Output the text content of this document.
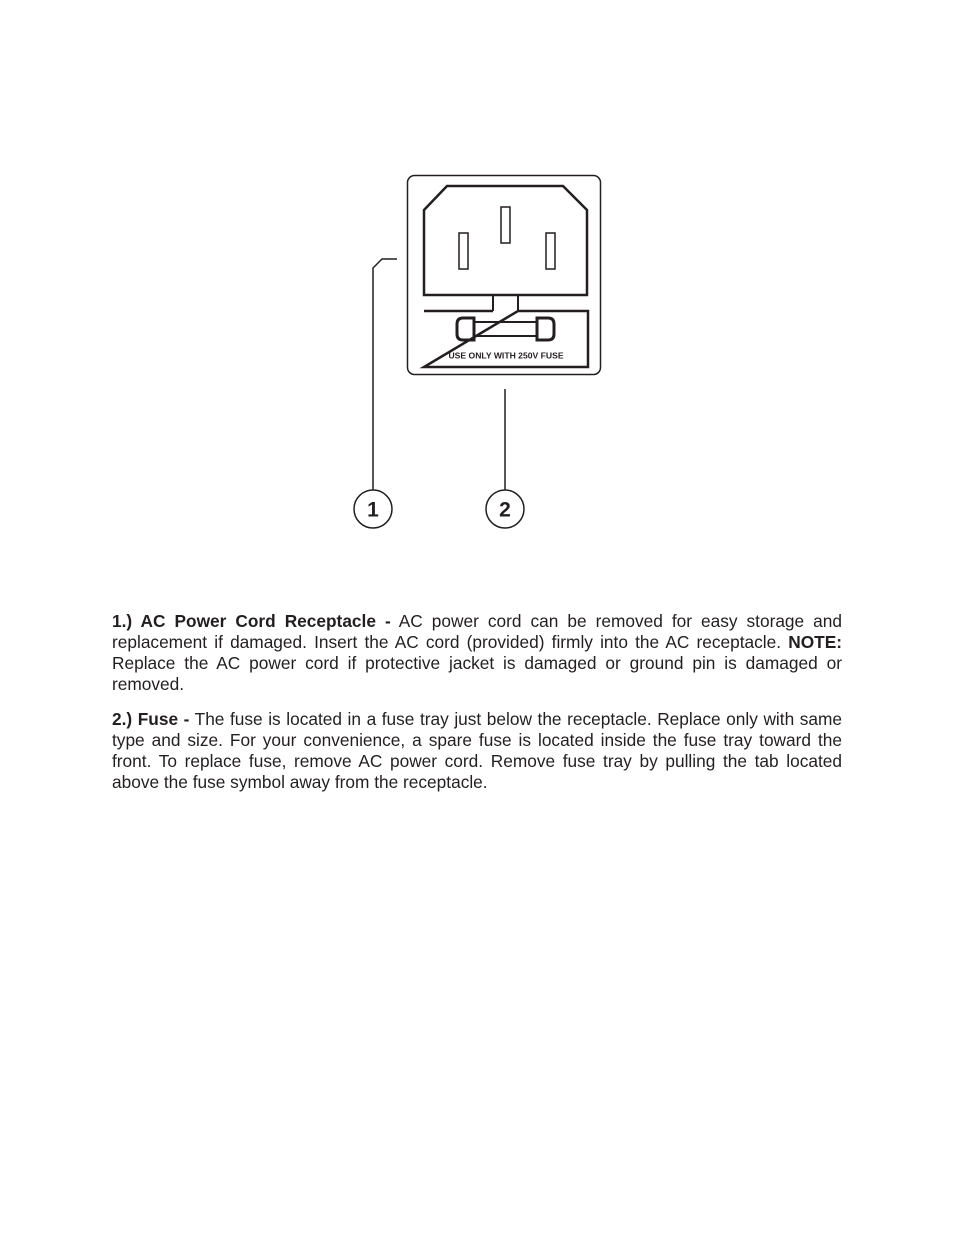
USE ONLY WITH 250V FUSE
1	2

1.) AC Power Cord Receptacle - AC power cord can be removed for easy storage and replacement if damaged. Insert the AC cord (provided) firmly into the AC receptacle. NOTE: Replace the AC power cord if protective jacket is damaged or ground pin is damaged or removed.

2.) Fuse - The fuse is located in a fuse tray just below the receptacle. Replace only with same type and size. For your convenience, a spare fuse is located inside the fuse tray toward the front. To replace fuse, remove AC power cord. Remove fuse tray by pulling the tab located above the fuse symbol away from the receptacle.
